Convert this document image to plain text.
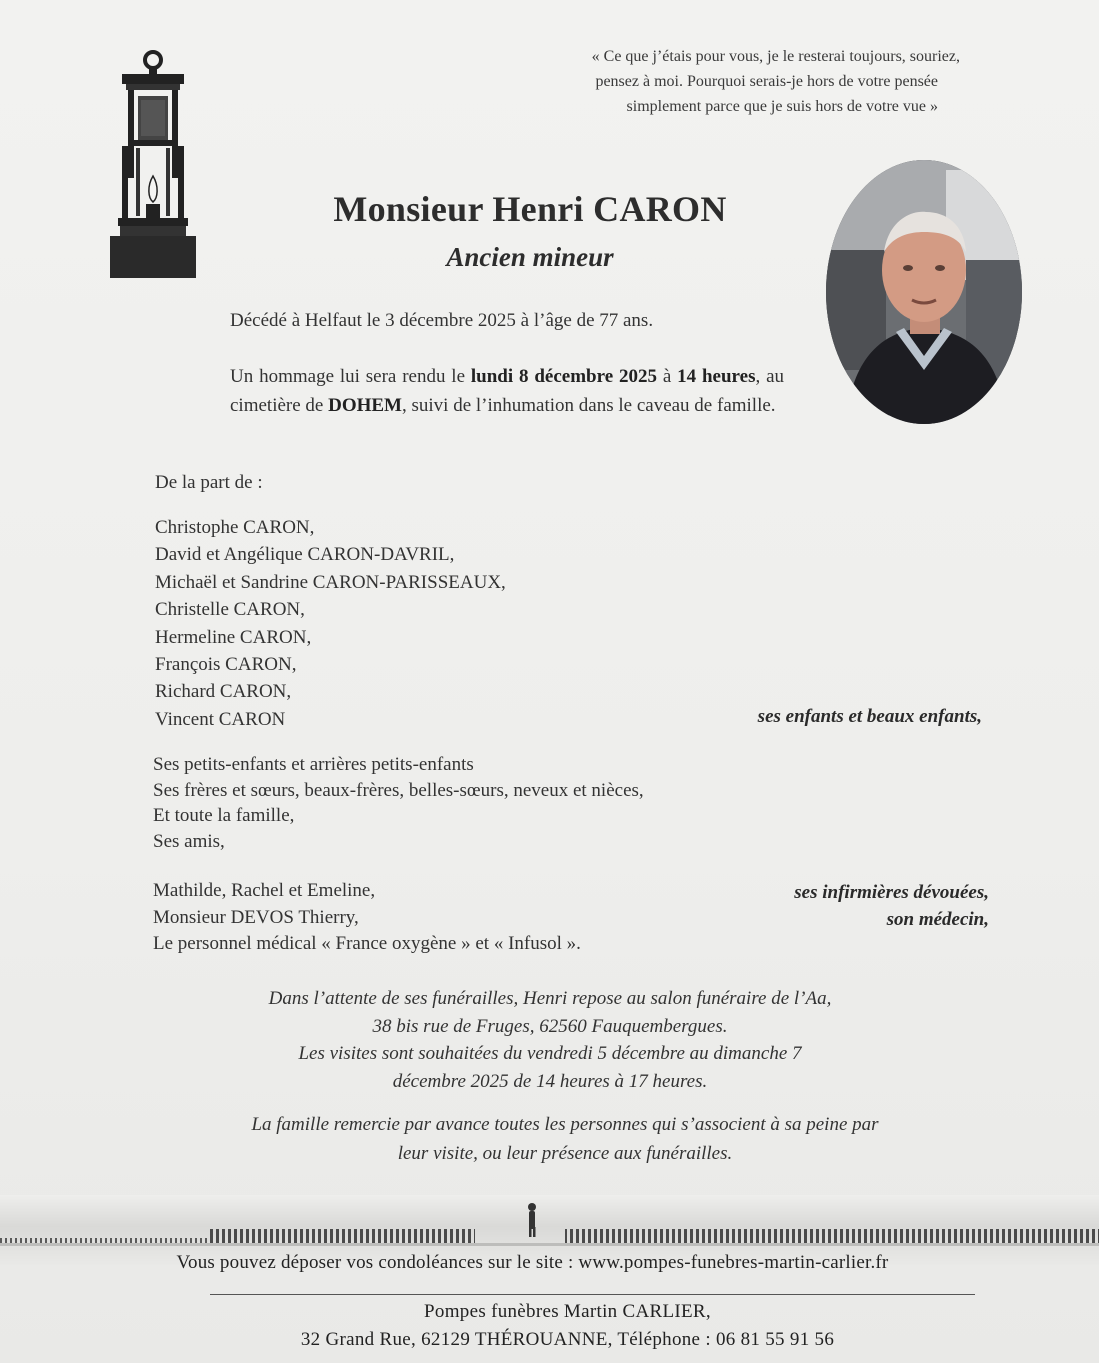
« Ce que j’étais pour vous, je le resterai toujours, souriez,
pensez à moi. Pourquoi serais-je hors de votre pensée
simplement parce que je suis hors de votre vue »
Monsieur Henri CARON
Ancien mineur
Décédé à Helfaut le 3 décembre 2025 à l’âge de 77 ans.
Un hommage lui sera rendu le lundi 8 décembre 2025 à 14 heures, au cimetière de DOHEM, suivi de l’inhumation dans le caveau de famille.
De la part de :
Christophe CARON,
David et Angélique CARON-DAVRIL,
Michaël et Sandrine CARON-PARISSEAUX,
Christelle CARON,
Hermeline CARON,
François CARON,
Richard CARON,
Vincent CARON	ses enfants et beaux enfants,
Ses petits-enfants et arrières petits-enfants
Ses frères et sœurs, beaux-frères, belles-sœurs, neveux et nièces,
Et toute la famille,
Ses amis,
Mathilde, Rachel et Emeline,
Monsieur DEVOS Thierry,
Le personnel médical « France oxygène » et « Infusol ».
ses infirmières dévouées,
son médecin,
Dans l’attente de ses funérailles, Henri repose au salon funéraire de l’Aa,
38 bis rue de Fruges, 62560 Fauquembergues.
Les visites sont souhaitées du vendredi 5 décembre au dimanche 7
décembre 2025 de 14 heures à 17 heures.
La famille remercie par avance toutes les personnes qui s’associent à sa peine par
leur visite, ou leur présence aux funérailles.
Vous pouvez déposer vos condoléances sur le site : www.pompes-funebres-martin-carlier.fr
Pompes funèbres Martin CARLIER,
32 Grand Rue, 62129 THÉROUANNE, Téléphone : 06 81 55 91 56
